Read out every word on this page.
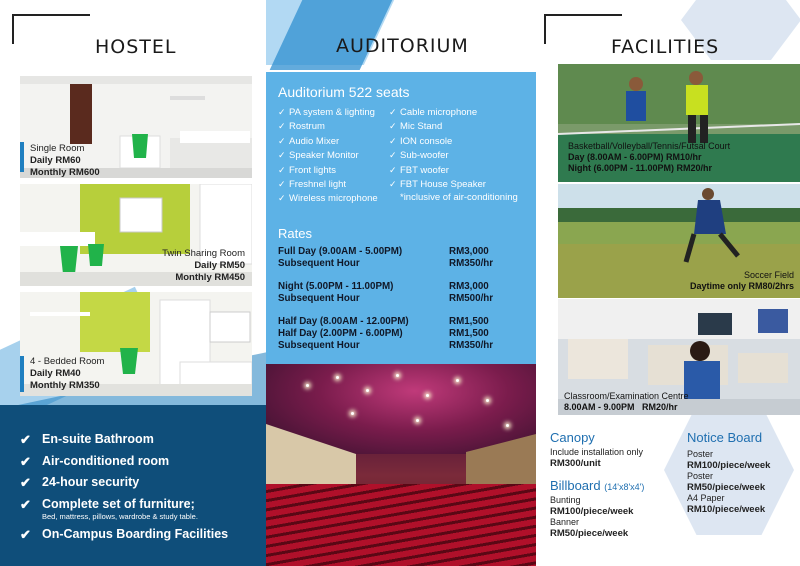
HOSTEL
Single Room
Daily RM60
Monthly RM600
Twin Sharing Room
Daily RM50
Monthly RM450
4 - Bedded Room
Daily RM40
Monthly RM350
✔ En-suite Bathroom
✔ Air-conditioned room
✔ 24-hour security
✔ Complete set of furniture;
Bed, mattress, pillows, wardrobe & study table.
✔ On-Campus Boarding Facilities
AUDITORIUM
Auditorium 522 seats
✓ PA system & lighting
✓ Rostrum
✓ Audio Mixer
✓ Speaker Monitor
✓ Front lights
✓ Freshnel light
✓ Wireless microphone
✓ Cable microphone
✓ Mic Stand
✓ ION console
✓ Sub-woofer
✓ FBT woofer
✓ FBT House Speaker
*inclusive of air-conditioning
Rates
Full Day (9.00AM - 5.00PM)	RM3,000
Subsequent Hour	RM350/hr
Night (5.00PM - 11.00PM)	RM3,000
Subsequent Hour	RM500/hr
Half Day (8.00AM - 12.00PM)	RM1,500
Half Day (2.00PM - 6.00PM)	RM1,500
Subsequent Hour	RM350/hr
FACILITIES
Basketball/Volleyball/Tennis/Futsal Court
Day (8.00AM - 6.00PM) RM10/hr
Night (6.00PM - 11.00PM) RM20/hr
Soccer Field
Daytime only RM80/2hrs
Classroom/Examination Centre
8.00AM - 9.00PM   RM20/hr
Canopy
Include installation only
RM300/unit
Billboard (14'x8'x4')
Bunting
RM100/piece/week
Banner
RM50/piece/week
Notice Board
Poster
RM100/piece/week
Poster
RM50/piece/week
A4 Paper
RM10/piece/week
